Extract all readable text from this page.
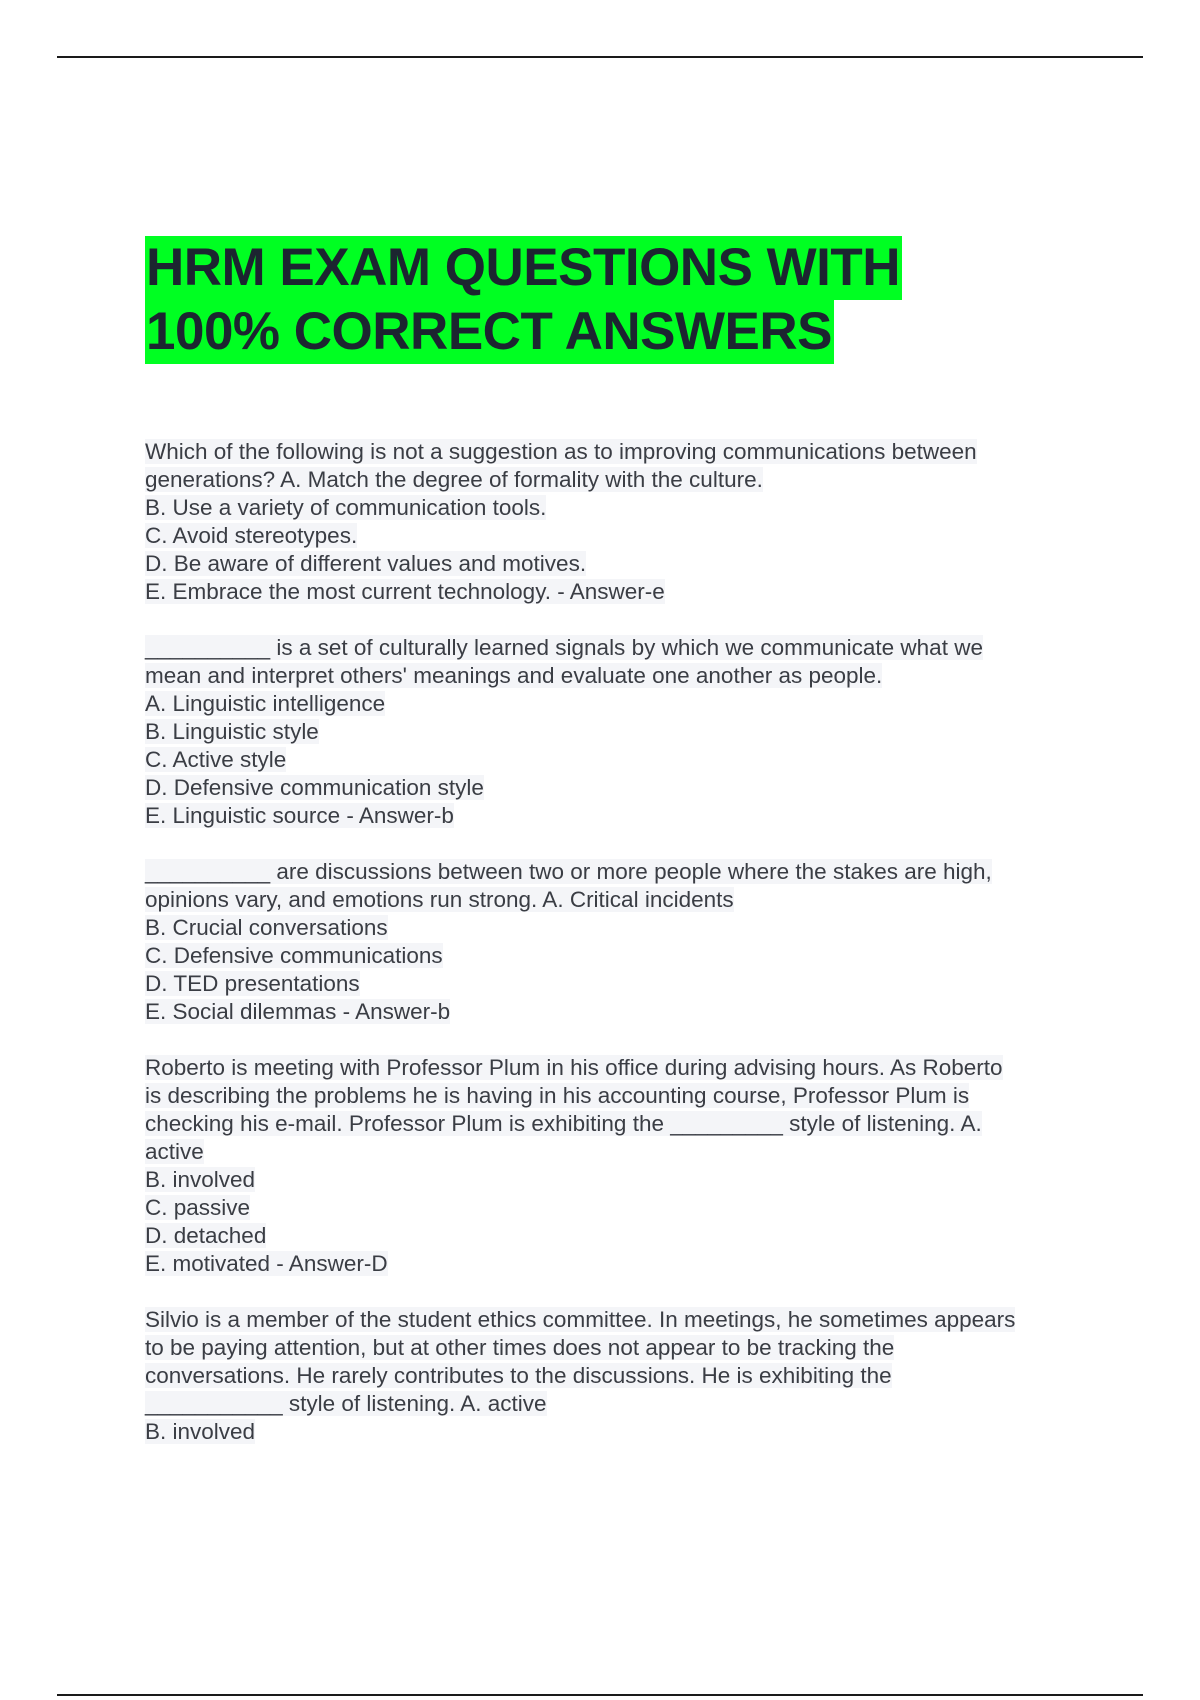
HRM EXAM QUESTIONS WITH
100% CORRECT ANSWERS
Which of the following is not a suggestion as to improving communications between
generations? A. Match the degree of formality with the culture.
B. Use a variety of communication tools.
C. Avoid stereotypes.
D. Be aware of different values and motives.
E. Embrace the most current technology. - Answer-e
__________ is a set of culturally learned signals by which we communicate what we
mean and interpret others' meanings and evaluate one another as people.
A. Linguistic intelligence
B. Linguistic style
C. Active style
D. Defensive communication style
E. Linguistic source - Answer-b
__________ are discussions between two or more people where the stakes are high,
opinions vary, and emotions run strong. A. Critical incidents
B. Crucial conversations
C. Defensive communications
D. TED presentations
E. Social dilemmas - Answer-b
Roberto is meeting with Professor Plum in his office during advising hours. As Roberto
is describing the problems he is having in his accounting course, Professor Plum is
checking his e-mail. Professor Plum is exhibiting the _________ style of listening. A.
active
B. involved
C. passive
D. detached
E. motivated - Answer-D
Silvio is a member of the student ethics committee. In meetings, he sometimes appears
to be paying attention, but at other times does not appear to be tracking the
conversations. He rarely contributes to the discussions. He is exhibiting the
___________ style of listening. A. active
B. involved
